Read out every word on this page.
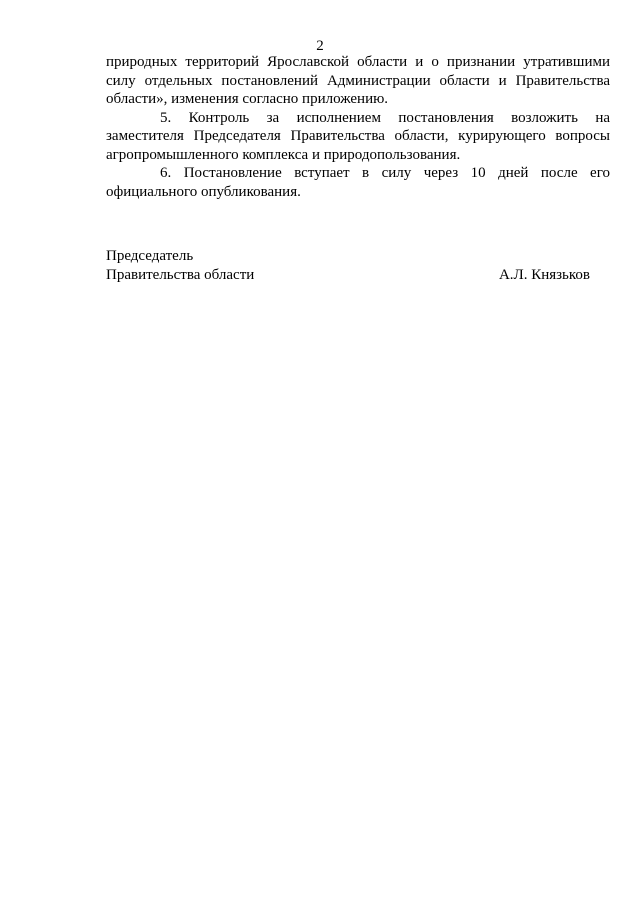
2

природных территорий Ярославской области и о признании утратившими силу отдельных постановлений Администрации области и Правительства области», изменения согласно приложению.

5. Контроль за исполнением постановления возложить на заместителя Председателя Правительства области, курирующего вопросы агропромышленного комплекса и природопользования.

6. Постановление вступает в силу через 10 дней после его официального опубликования.

Председатель
Правительства области	А.Л. Князьков
